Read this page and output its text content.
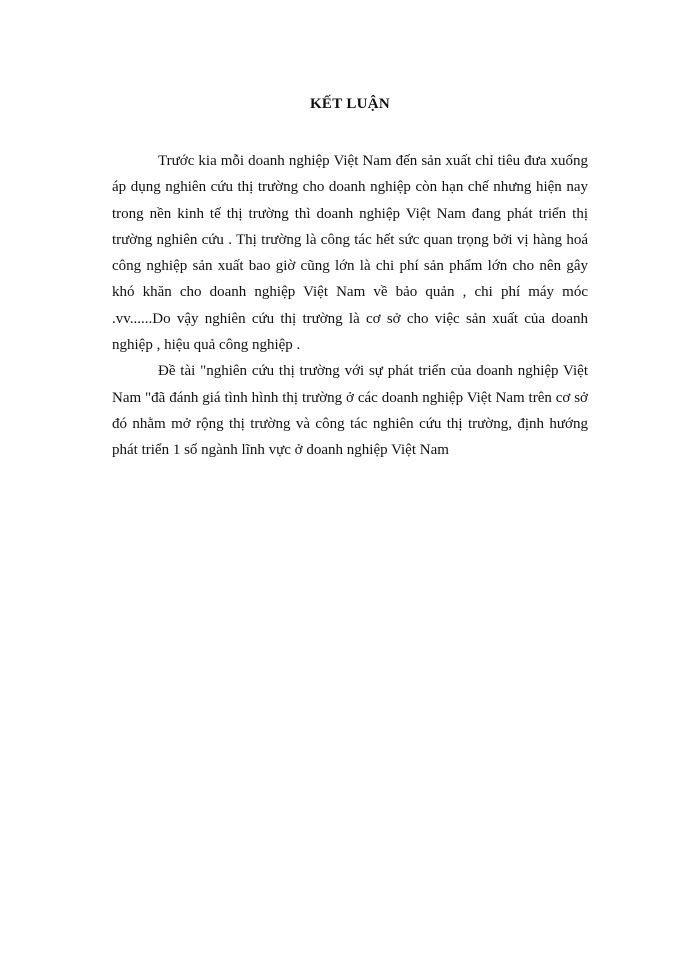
KẾT LUẬN

Trước kia mỗi doanh nghiệp Việt Nam đến sản xuất chỉ tiêu đưa xuống áp dụng nghiên cứu thị trường cho doanh nghiệp còn hạn chế nhưng hiện nay trong nền kinh tế thị trường thì doanh nghiệp Việt Nam đang phát triển thị trường nghiên cứu . Thị trường là công tác hết sức quan trọng bởi vị hàng hoá công nghiệp sản xuất bao giờ cũng lớn là chi phí sản phẩm lớn cho nên gây khó khăn cho doanh nghiệp Việt Nam về bảo quản , chi phí máy móc .vv......Do vậy nghiên cứu thị trường là cơ sở cho việc sản xuất của doanh nghiệp , hiệu quả công nghiệp .

Đề tài "nghiên cứu thị trường với sự phát triển của doanh nghiệp Việt Nam "đã đánh giá tình hình thị trường ở các doanh nghiệp Việt Nam trên cơ sở đó nhằm mở rộng thị trường và công tác nghiên cứu thị trường, định hướng phát triển 1 số ngành lĩnh vực ở doanh nghiệp Việt Nam
